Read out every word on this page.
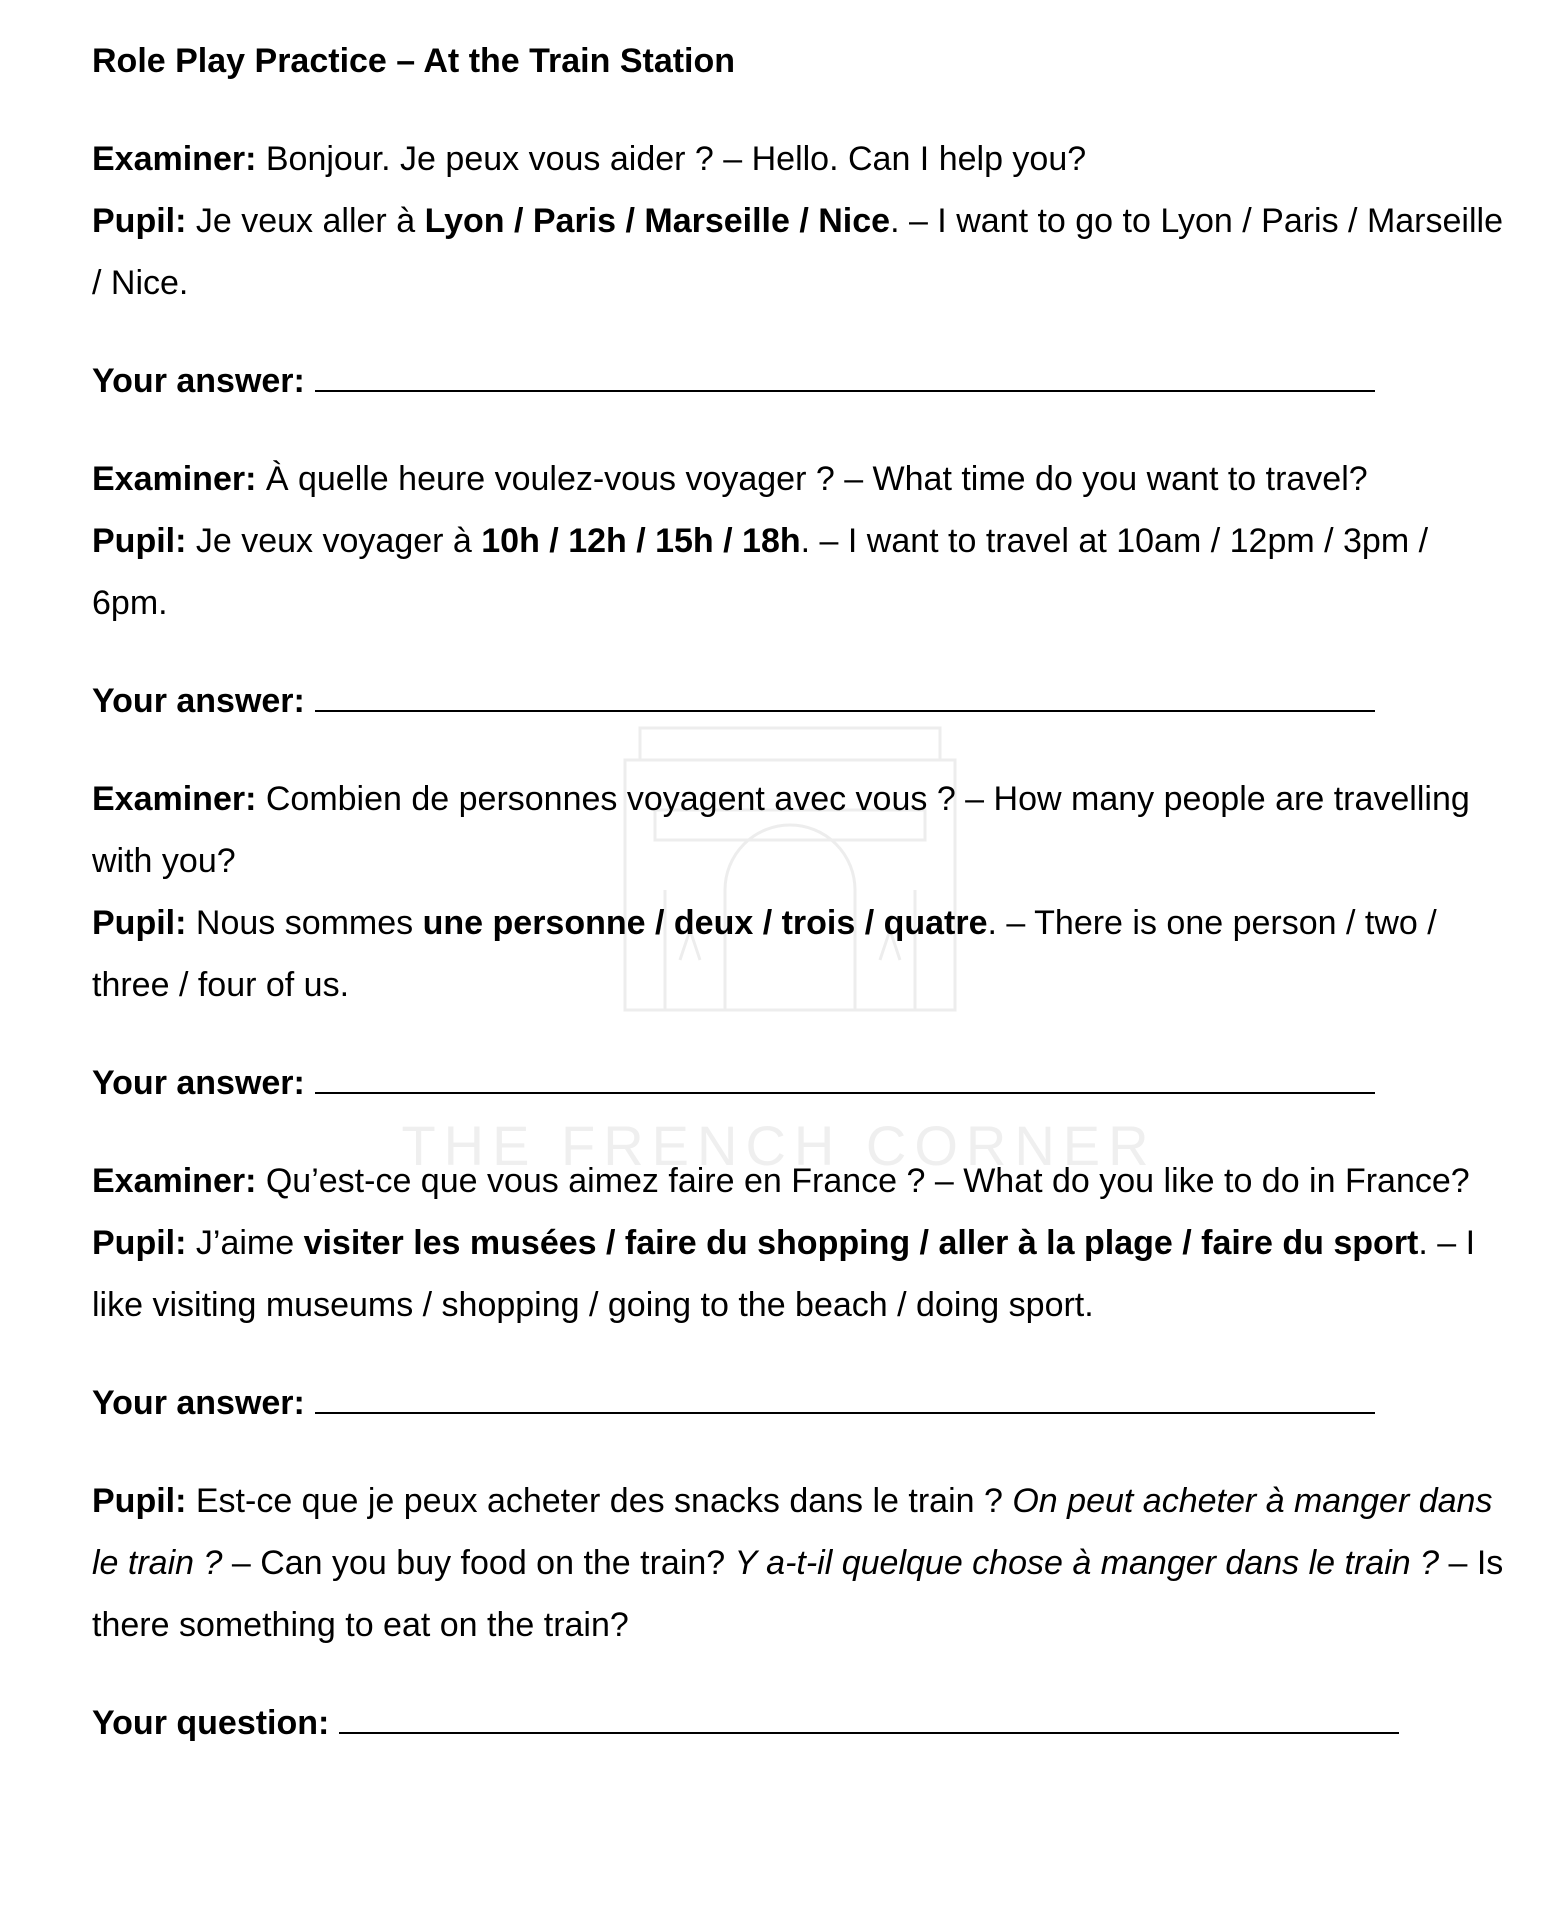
THE FRENCH CORNER
Role Play Practice – At the Train Station
Examiner: Bonjour. Je peux vous aider ? – Hello. Can I help you?
Pupil: Je veux aller à Lyon / Paris / Marseille / Nice. – I want to go to Lyon / Paris / Marseille / Nice.
Your answer:
Examiner: À quelle heure voulez-vous voyager ? – What time do you want to travel?
Pupil: Je veux voyager à 10h / 12h / 15h / 18h. – I want to travel at 10am / 12pm / 3pm / 6pm.
Your answer:
Examiner: Combien de personnes voyagent avec vous ? – How many people are travelling with you?
Pupil: Nous sommes une personne / deux / trois / quatre. – There is one person / two / three / four of us.
Your answer:
Examiner: Qu’est-ce que vous aimez faire en France ? – What do you like to do in France?
Pupil: J’aime visiter les musées / faire du shopping / aller à la plage / faire du sport. – I like visiting museums / shopping / going to the beach / doing sport.
Your answer:
Pupil: Est-ce que je peux acheter des snacks dans le train ? On peut acheter à manger dans le train ? – Can you buy food on the train? Y a-t-il quelque chose à manger dans le train ? – Is there something to eat on the train?
Your question:
